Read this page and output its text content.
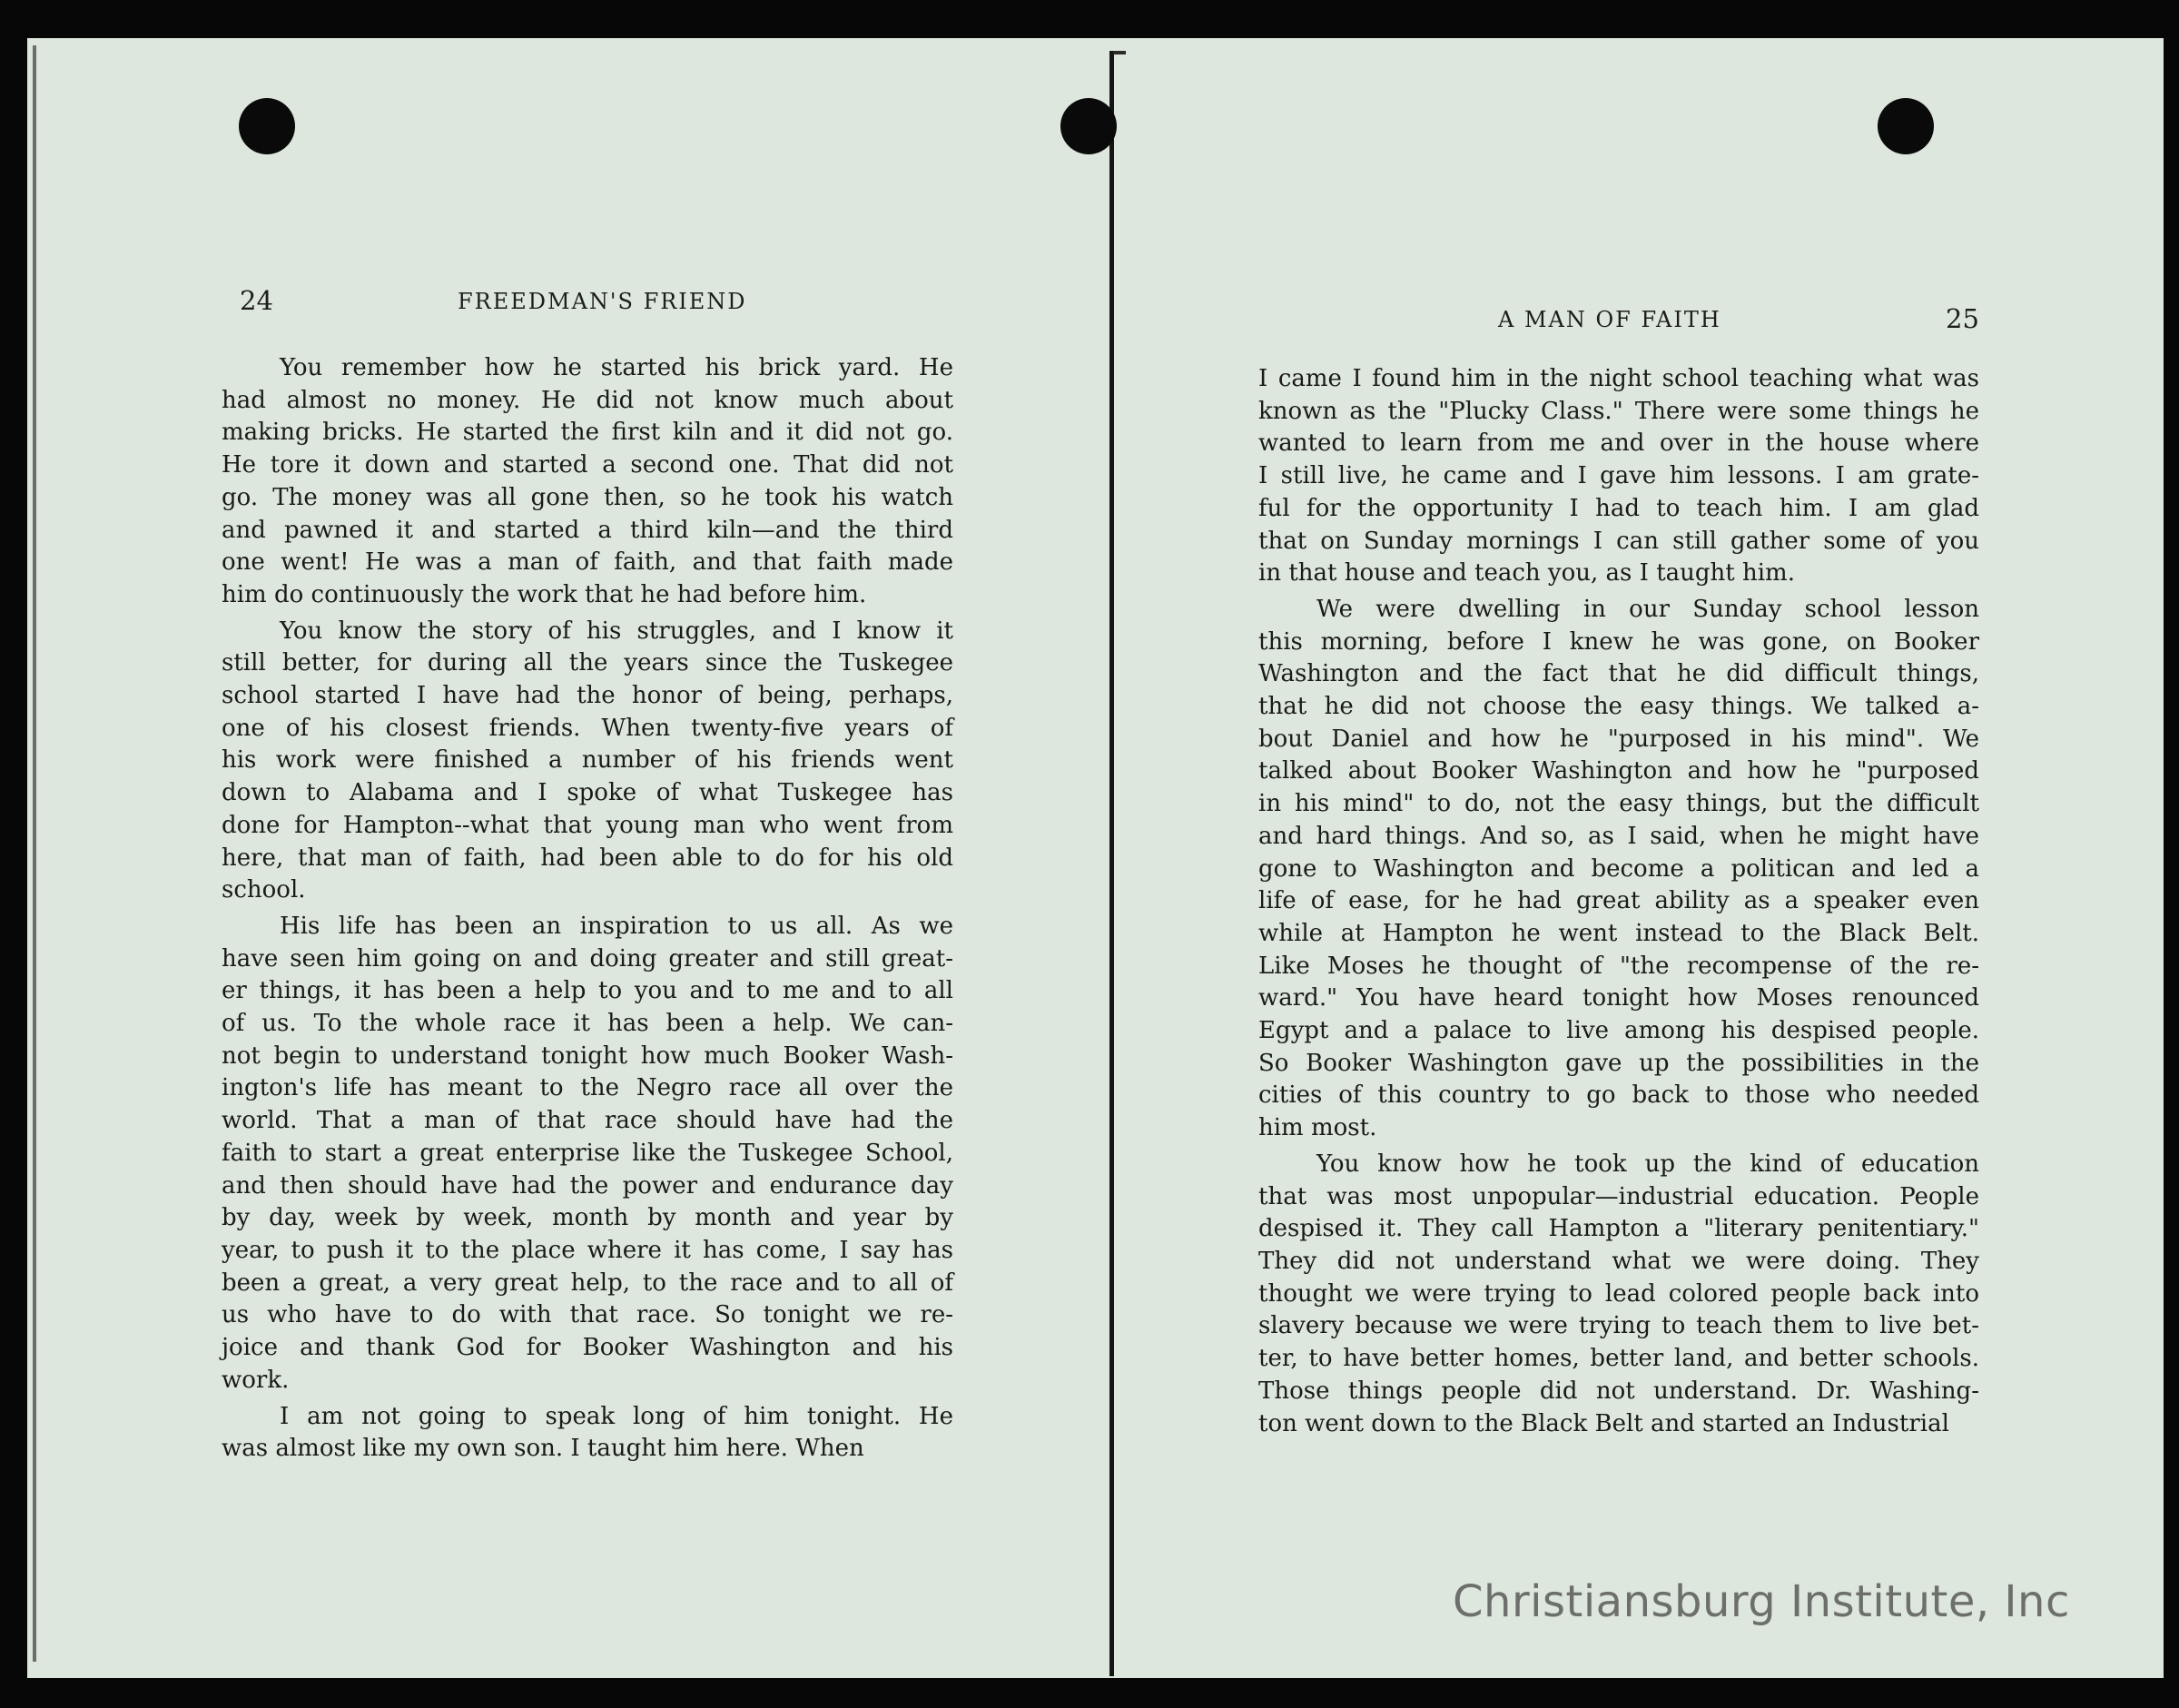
24	FREEDMAN'S FRIEND
A MAN OF FAITH	25

You remember how he started his brick yard. He

had almost no money. He did not know much about

making bricks. He started the first kiln and it did not go.

He tore it down and started a second one. That did not

go. The money was all gone then, so he took his watch

and pawned it and started a third kiln—and the third

one went! He was a man of faith, and that faith made

him do continuously the work that he had before him.

You know the story of his struggles, and I know it

still better, for during all the years since the Tuskegee

school started I have had the honor of being, perhaps,

one of his closest friends. When twenty-five years of

his work were finished a number of his friends went

down to Alabama and I spoke of what Tuskegee has

done for Hampton--what that young man who went from

here, that man of faith, had been able to do for his old

school.

His life has been an inspiration to us all. As we

have seen him going on and doing greater and still great-

er things, it has been a help to you and to me and to all

of us. To the whole race it has been a help. We can-

not begin to understand tonight how much Booker Wash-

ington's life has meant to the Negro race all over the

world. That a man of that race should have had the

faith to start a great enterprise like the Tuskegee School,

and then should have had the power and endurance day

by day, week by week, month by month and year by

year, to push it to the place where it has come, I say has

been a great, a very great help, to the race and to all of

us who have to do with that race. So tonight we re-

joice and thank God for Booker Washington and his

work.

I am not going to speak long of him tonight. He

was almost like my own son. I taught him here. When

I came I found him in the night school teaching what was

known as the "Plucky Class." There were some things he

wanted to learn from me and over in the house where

I still live, he came and I gave him lessons. I am grate-

ful for the opportunity I had to teach him. I am glad

that on Sunday mornings I can still gather some of you

in that house and teach you, as I taught him.

We were dwelling in our Sunday school lesson

this morning, before I knew he was gone, on Booker

Washington and the fact that he did difficult things,

that he did not choose the easy things. We talked a-

bout Daniel and how he "purposed in his mind". We

talked about Booker Washington and how he "purposed

in his mind" to do, not the easy things, but the difficult

and hard things. And so, as I said, when he might have

gone to Washington and become a politican and led a

life of ease, for he had great ability as a speaker even

while at Hampton he went instead to the Black Belt.

Like Moses he thought of "the recompense of the re-

ward." You have heard tonight how Moses renounced

Egypt and a palace to live among his despised people.

So Booker Washington gave up the possibilities in the

cities of this country to go back to those who needed

him most.

You know how he took up the kind of education

that was most unpopular—industrial education. People

despised it. They call Hampton a "literary penitentiary."

They did not understand what we were doing. They

thought we were trying to lead colored people back into

slavery because we were trying to teach them to live bet-

ter, to have better homes, better land, and better schools.

Those things people did not understand. Dr. Washing-

ton went down to the Black Belt and started an Industrial

Christiansburg Institute, Inc
